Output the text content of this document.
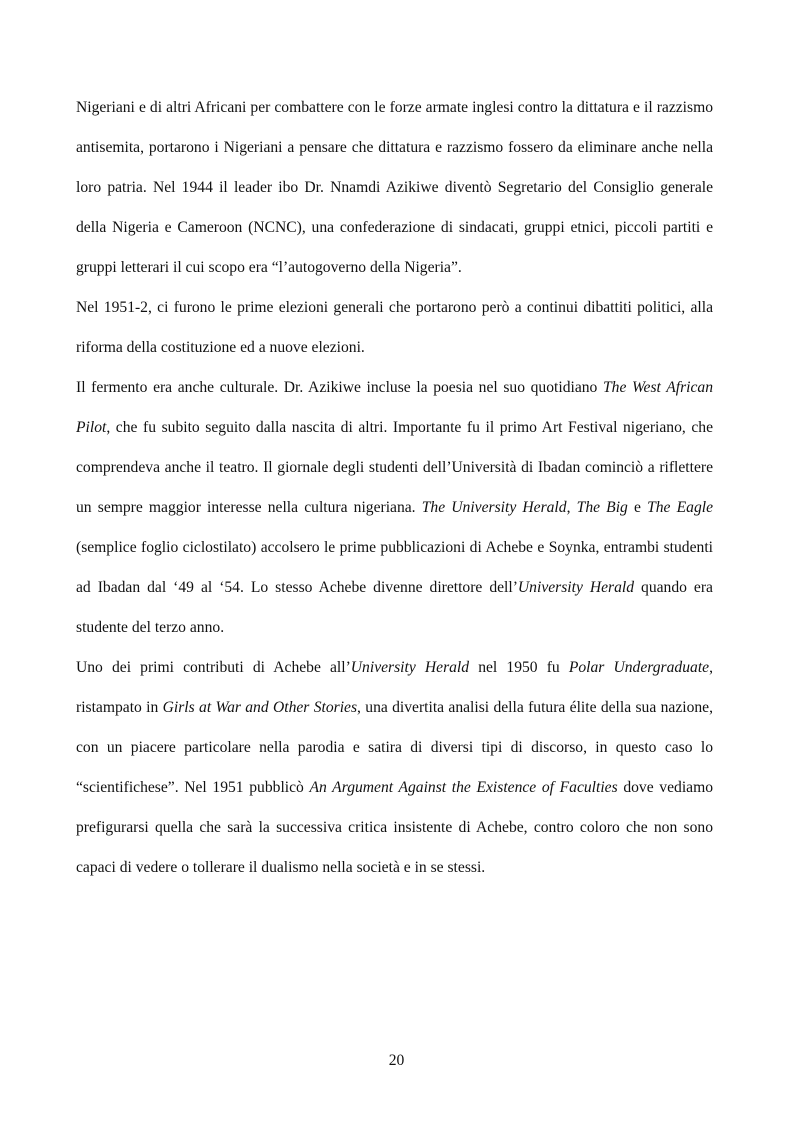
Nigeriani e di altri Africani per combattere con le forze armate inglesi contro la dittatura e il razzismo antisemita, portarono i Nigeriani a pensare che dittatura e razzismo fossero da eliminare anche nella loro patria. Nel 1944 il leader ibo Dr. Nnamdi Azikiwe diventò Segretario del Consiglio generale della Nigeria e Cameroon (NCNC), una confederazione di sindacati, gruppi etnici, piccoli partiti e gruppi letterari il cui scopo era “l’autogoverno della Nigeria”.

Nel 1951-2, ci furono le prime elezioni generali che portarono però a continui dibattiti politici, alla riforma della costituzione ed a nuove elezioni.

Il fermento era anche culturale. Dr. Azikiwe incluse la poesia nel suo quotidiano The West African Pilot, che fu subito seguito dalla nascita di altri. Importante fu il primo Art Festival nigeriano, che comprendeva anche il teatro. Il giornale degli studenti dell’Università di Ibadan cominciò a riflettere un sempre maggior interesse nella cultura nigeriana. The University Herald, The Big e The Eagle (semplice foglio ciclostilato) accolsero le prime pubblicazioni di Achebe e Soynka, entrambi studenti ad Ibadan dal ‘49 al ‘54. Lo stesso Achebe divenne direttore dell’University Herald quando era studente del terzo anno.

Uno dei primi contributi di Achebe all’University Herald nel 1950 fu Polar Undergraduate, ristampato in Girls at War and Other Stories, una divertita analisi della futura élite della sua nazione, con un piacere particolare nella parodia e satira di diversi tipi di discorso, in questo caso lo “scientifichese”. Nel 1951 pubblicò An Argument Against the Existence of Faculties dove vediamo prefigurarsi quella che sarà la successiva critica insistente di Achebe, contro coloro che non sono capaci di vedere o tollerare il dualismo nella società e in se stessi.

20
